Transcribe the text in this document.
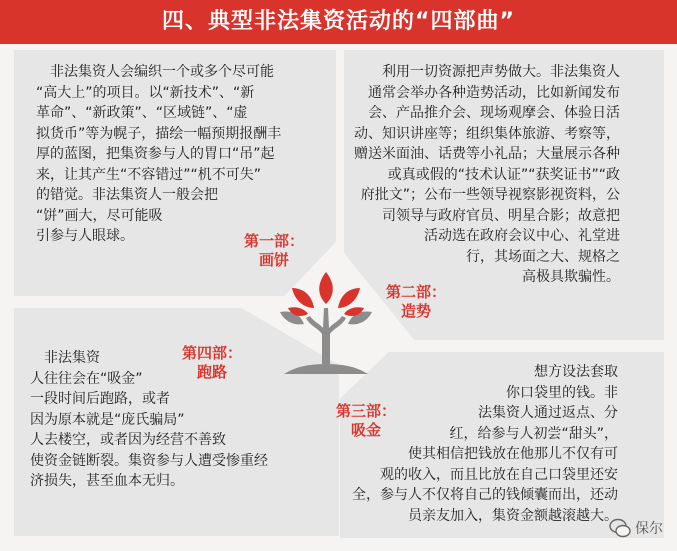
四、典型非法集资活动的“四部曲”
　非法集资人会编织一个或多个尽可能
“高大上”的项目。以“新技术”、“新
革命”、“新政策”、“区域链”、“虚
拟货币”等为幌子，描绘一幅预期报酬丰
厚的蓝图，把集资参与人的胃口“吊”起
来，让其产生“不容错过”“机不可失”
的错觉。非法集资人一般会把
“饼”画大，尽可能吸
引参与人眼球。	第一部：
画饼
利用一切资源把声势做大。非法集资人
通常会举办各种造势活动，比如新闻发布
会、产品推介会、现场观摩会、体验日活
动、知识讲座等；组织集体旅游、考察等，
赠送米面油、话费等小礼品；大量展示各种
或真或假的“技术认证”“获奖证书”“政
府批文”；公布一些领导视察影视资料，公
司领导与政府官员、明星合影；故意把
活动选在政府会议中心、礼堂进
行，其场面之大、规格之
高极具欺骗性。
第二部：
造势
　非法集资
人往往会在“吸金”
一段时间后跑路，或者
因为原本就是“庞氏骗局”
人去楼空，或者因为经营不善致
使资金链断裂。集资参与人遭受惨重经
济损失，甚至血本无归。
第四部：
跑路	想方设法套取
你口袋里的钱。非
法集资人通过返点、分
红，给参与人初尝“甜头”，
使其相信把钱放在他那儿不仅有可
观的收入，而且比放在自己口袋里还安
全，参与人不仅将自己的钱倾囊而出，还动
员亲友加入，集资金额越滚越大。
第三部：
吸金
保尔
